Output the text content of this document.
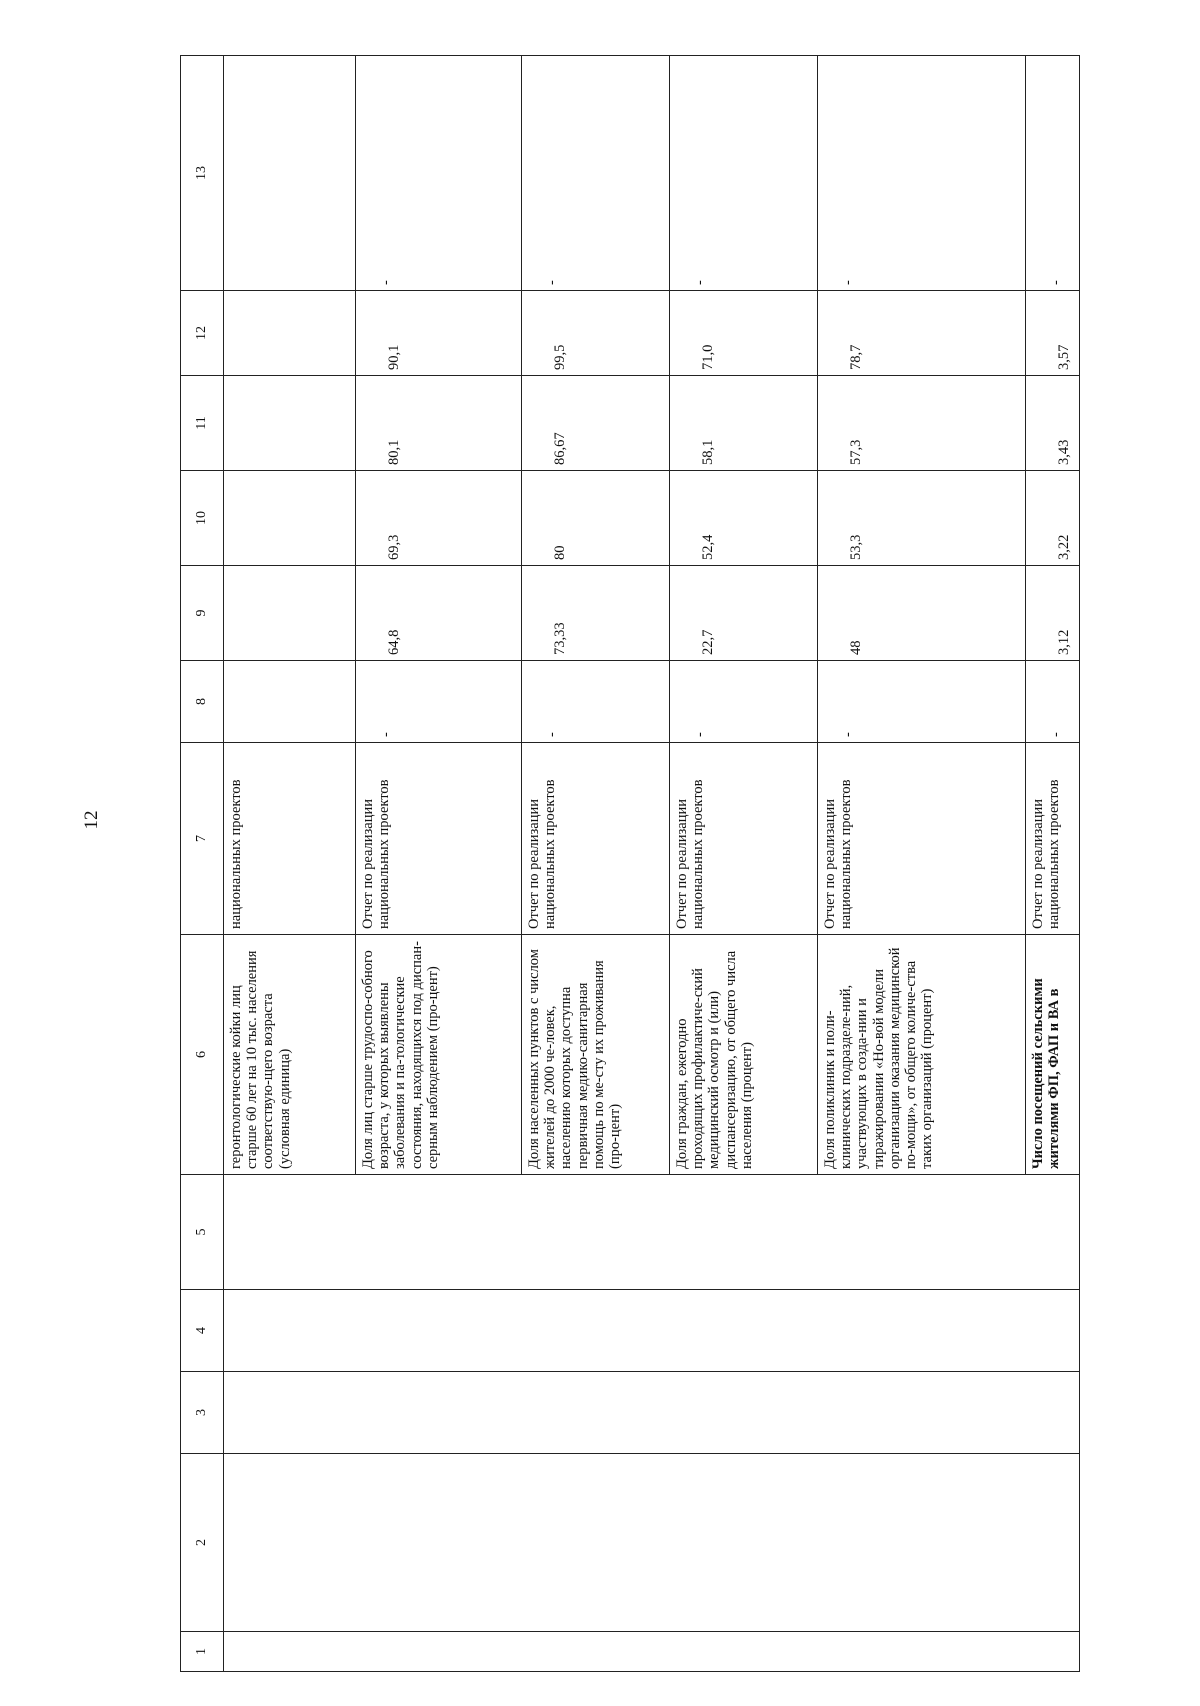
12
1	2	3	4	5	6	7	8	9	10	11	12	13
					геронтологические койки лиц старше 60 лет на 10 тыс. населения соответствую-щего возраста (условная единица)	национальных проектов						
					Доля лиц старше трудоспо-собного возраста, у которых выявлены заболевания и па-тологические состояния, находящихся под диспан-серным наблюдением (про-цент)	Отчет по реализации национальных проектов	-	64,8	69,3	80,1	90,1	-
					Доля населенных пунктов с числом жителей до 2000 че-ловек, населению которых доступна первичная медико-санитарная помощь по ме-сту их проживания (про-цент)	Отчет по реализации национальных проектов	-	73,33	80	86,67	99,5	-
					Доля граждан, ежегодно проходящих профилактиче-ский медицинский осмотр и (или) диспансеризацию, от общего числа населения (процент)	Отчет по реализации национальных проектов	-	22,7	52,4	58,1	71,0	-
					Доля поликлиник и поли-клинических подразделе-ний, участвующих в созда-нии и тиражировании «Но-вой модели организации оказания медицинской по-мощи», от общего количе-ства таких организаций (процент)	Отчет по реализации национальных проектов	-	48	53,3	57,3	78,7	-
					Число посещений сельскими жителями ФП, ФАП и ВА в	Отчет по реализации национальных проектов	-	3,12	3,22	3,43	3,57	-
